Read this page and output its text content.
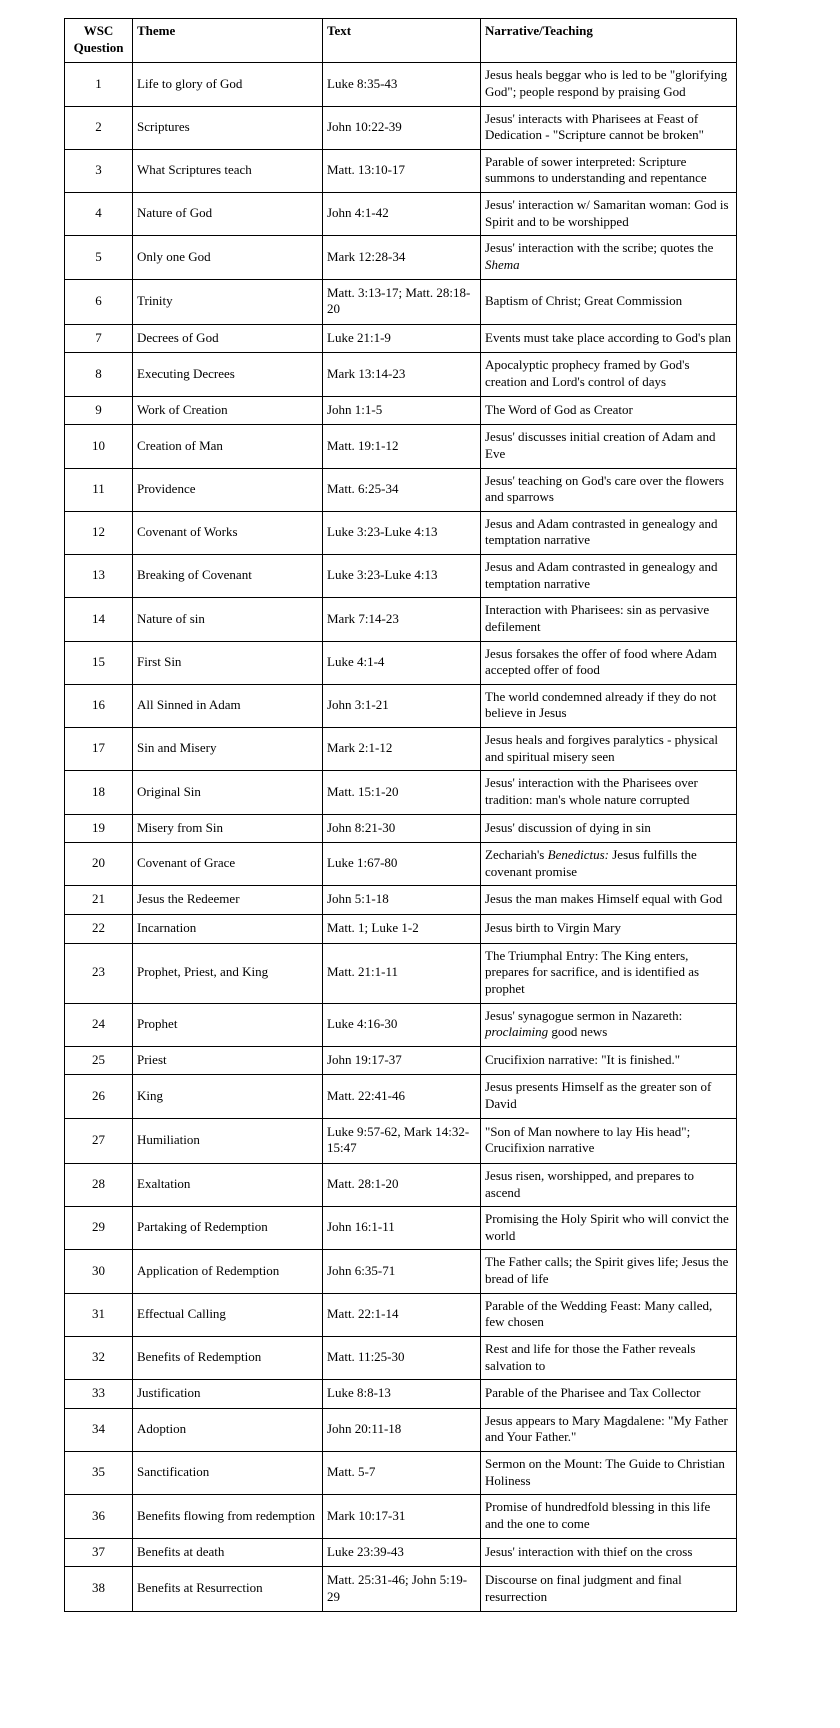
WSC Question	Theme	Text	Narrative/Teaching
1	Life to glory of God	Luke 8:35-43	Jesus heals beggar who is led to be "glorifying God"; people respond by praising God
2	Scriptures	John 10:22-39	Jesus' interacts with Pharisees at Feast of Dedication - "Scripture cannot be broken"
3	What Scriptures teach	Matt. 13:10-17	Parable of sower interpreted: Scripture summons to understanding and repentance
4	Nature of God	John 4:1-42	Jesus' interaction w/ Samaritan woman: God is Spirit and to be worshipped
5	Only one God	Mark 12:28-34	Jesus' interaction with the scribe; quotes the Shema
6	Trinity	Matt. 3:13-17; Matt. 28:18-20	Baptism of Christ; Great Commission
7	Decrees of God	Luke 21:1-9	Events must take place according to God's plan
8	Executing Decrees	Mark 13:14-23	Apocalyptic prophecy framed by God's creation and Lord's control of days
9	Work of Creation	John 1:1-5	The Word of God as Creator
10	Creation of Man	Matt. 19:1-12	Jesus' discusses initial creation of Adam and Eve
11	Providence	Matt. 6:25-34	Jesus' teaching on God's care over the flowers and sparrows
12	Covenant of Works	Luke 3:23-Luke 4:13	Jesus and Adam contrasted in genealogy and temptation narrative
13	Breaking of Covenant	Luke 3:23-Luke 4:13	Jesus and Adam contrasted in genealogy and temptation narrative
14	Nature of sin	Mark 7:14-23	Interaction with Pharisees: sin as pervasive defilement
15	First Sin	Luke 4:1-4	Jesus forsakes the offer of food where Adam accepted offer of food
16	All Sinned in Adam	John 3:1-21	The world condemned already if they do not believe in Jesus
17	Sin and Misery	Mark 2:1-12	Jesus heals and forgives paralytics - physical and spiritual misery seen
18	Original Sin	Matt. 15:1-20	Jesus' interaction with the Pharisees over tradition: man's whole nature corrupted
19	Misery from Sin	John 8:21-30	Jesus' discussion of dying in sin
20	Covenant of Grace	Luke 1:67-80	Zechariah's Benedictus: Jesus fulfills the covenant promise
21	Jesus the Redeemer	John 5:1-18	Jesus the man makes Himself equal with God
22	Incarnation	Matt. 1; Luke 1-2	Jesus birth to Virgin Mary
23	Prophet, Priest, and King	Matt. 21:1-11	The Triumphal Entry: The King enters, prepares for sacrifice, and is identified as prophet
24	Prophet	Luke 4:16-30	Jesus' synagogue sermon in Nazareth: proclaiming good news
25	Priest	John 19:17-37	Crucifixion narrative: "It is finished."
26	King	Matt. 22:41-46	Jesus presents Himself as the greater son of David
27	Humiliation	Luke 9:57-62, Mark 14:32-15:47	"Son of Man nowhere to lay His head"; Crucifixion narrative
28	Exaltation	Matt. 28:1-20	Jesus risen, worshipped, and prepares to ascend
29	Partaking of Redemption	John 16:1-11	Promising the Holy Spirit who will convict the world
30	Application of Redemption	John 6:35-71	The Father calls; the Spirit gives life; Jesus the bread of life
31	Effectual Calling	Matt. 22:1-14	Parable of the Wedding Feast: Many called, few chosen
32	Benefits of Redemption	Matt. 11:25-30	Rest and life for those the Father reveals salvation to
33	Justification	Luke 8:8-13	Parable of the Pharisee and Tax Collector
34	Adoption	John 20:11-18	Jesus appears to Mary Magdalene: "My Father and Your Father."
35	Sanctification	Matt. 5-7	Sermon on the Mount: The Guide to Christian Holiness
36	Benefits flowing from redemption	Mark 10:17-31	Promise of hundredfold blessing in this life and the one to come
37	Benefits at death	Luke 23:39-43	Jesus' interaction with thief on the cross
38	Benefits at Resurrection	Matt. 25:31-46; John 5:19-29	Discourse on final judgment and final resurrection
